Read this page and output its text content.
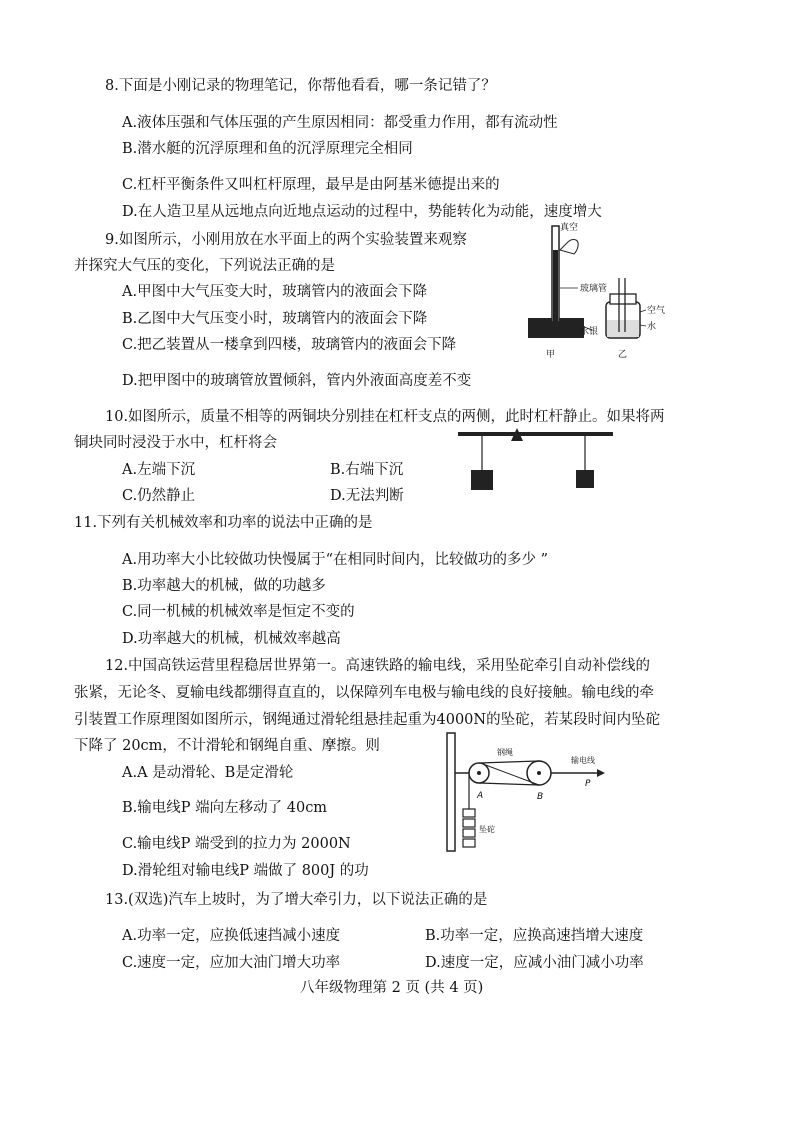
8.下面是小刚记录的物理笔记，你帮他看看，哪一条记错了？
A.液体压强和气体压强的产生原因相同：都受重力作用，都有流动性
B.潜水艇的沉浮原理和鱼的沉浮原理完全相同
C.杠杆平衡条件又叫杠杆原理，最早是由阿基米德提出来的
D.在人造卫星从远地点向近地点运动的过程中，势能转化为动能，速度增大
9.如图所示，小刚用放在水平面上的两个实验装置来观察
并探究大气压的变化，下列说法正确的是
A.甲图中大气压变大时，玻璃管内的液面会下降
B.乙图中大气压变小时，玻璃管内的液面会下降
C.把乙装置从一楼拿到四楼，玻璃管内的液面会下降
D.把甲图中的玻璃管放置倾斜，管内外液面高度差不变
真空
玻璃管
水银
甲
空气
水
乙
10.如图所示，质量不相等的两铜块分别挂在杠杆支点的两侧，此时杠杆静止。如果将两
铜块同时浸没于水中，杠杆将会
A.左端下沉	B.右端下沉
C.仍然静止	D.无法判断
11.下列有关机械效率和功率的说法中正确的是
A.用功率大小比较做功快慢属于“在相同时间内，比较做功的多少 ”
B.功率越大的机械，做的功越多
C.同一机械的机械效率是恒定不变的
D.功率越大的机械，机械效率越高
12.中国高铁运营里程稳居世界第一。高速铁路的输电线，采用坠砣牵引自动补偿线的
张紧，无论冬、夏输电线都绷得直直的，以保障列车电极与输电线的良好接触。输电线的牵
引装置工作原理图如图所示，钢绳通过滑轮组悬挂起重为4000N的坠砣，若某段时间内坠砣
下降了 20cm，不计滑轮和钢绳自重、摩擦。则
A.A 是动滑轮、B是定滑轮
B.输电线P 端向左移动了 40cm
C.输电线P 端受到的拉力为 2000N
D.滑轮组对输电线P 端做了 800J 的功
钢绳
输电线
P
A	B
坠砣
13.(双选)汽车上坡时，为了增大牵引力，以下说法正确的是
A.功率一定，应换低速挡减小速度	B.功率一定，应换高速挡增大速度
C.速度一定，应加大油门增大功率	D.速度一定，应减小油门减小功率
八年级物理第 2 页 (共 4 页)
